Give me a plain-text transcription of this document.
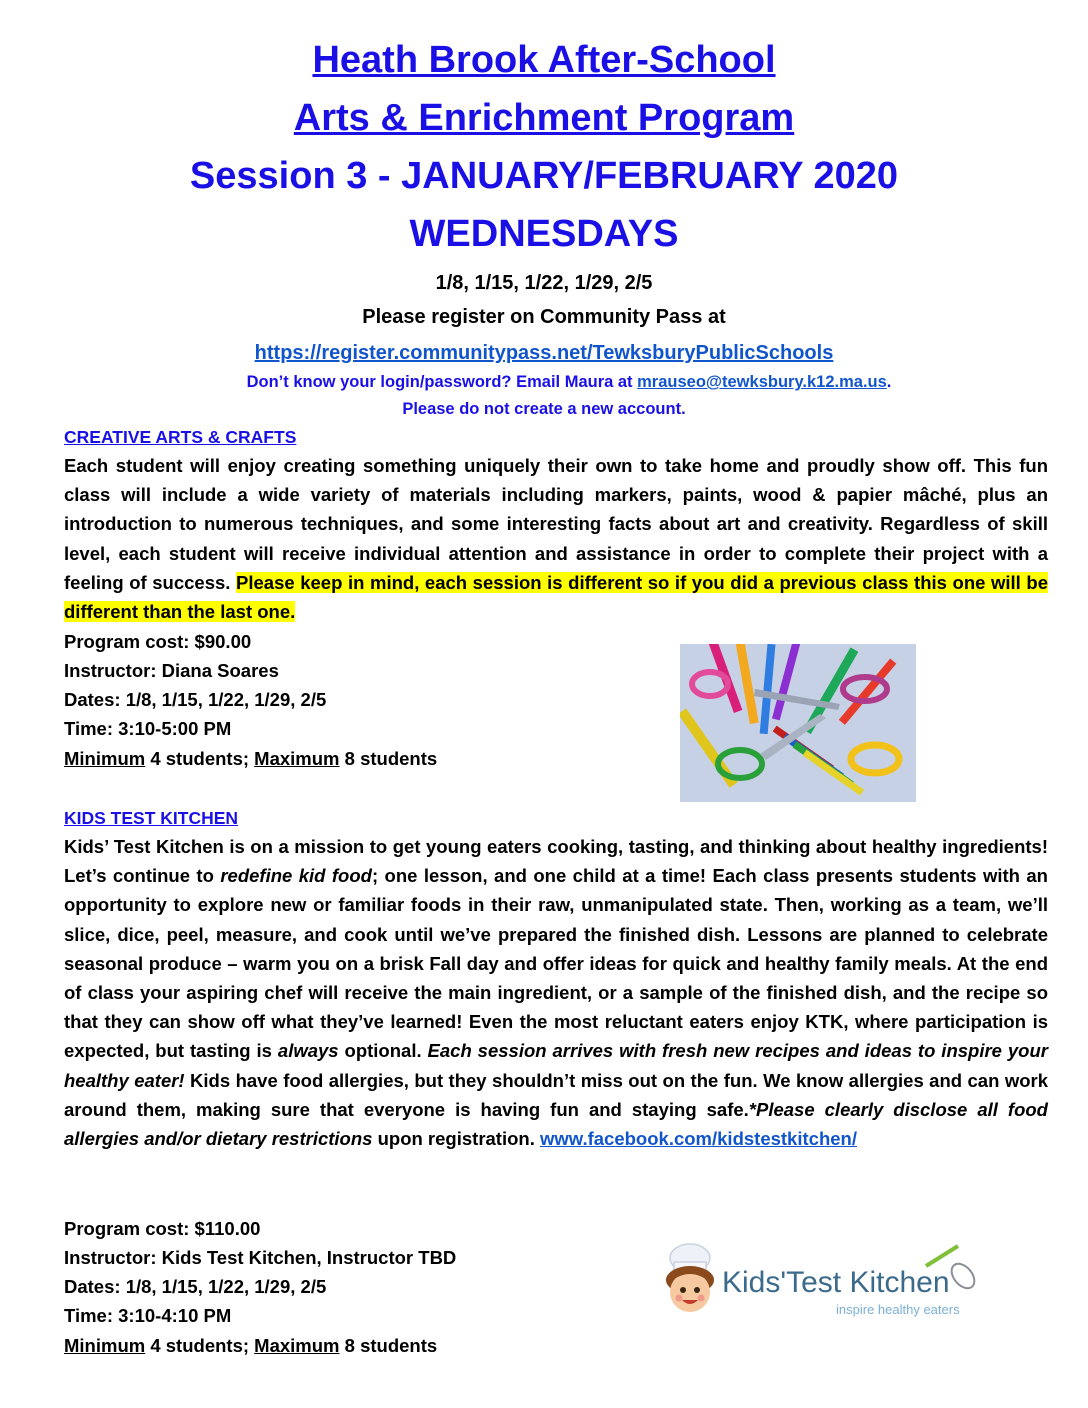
Heath Brook After-School
Arts & Enrichment Program
Session 3 - JANUARY/FEBRUARY 2020
WEDNESDAYS
1/8, 1/15, 1/22, 1/29, 2/5
Please register on Community Pass at
https://register.communitypass.net/TewksburyPublicSchools
Don’t know your login/password? Email Maura at mrauseo@tewksbury.k12.ma.us.
Please do not create a new account.
CREATIVE ARTS & CRAFTS
Each student will enjoy creating something uniquely their own to take home and proudly show off. This fun class will include a wide variety of materials including markers, paints, wood & papier mâché, plus an introduction to numerous techniques, and some interesting facts about art and creativity. Regardless of skill level, each student will receive individual attention and assistance in order to complete their project with a feeling of success. Please keep in mind, each session is different so if you did a previous class this one will be different than the last one.
Program cost: $90.00
Instructor: Diana Soares
Dates: 1/8, 1/15, 1/22, 1/29, 2/5
Time: 3:10-5:00 PM
Minimum 4 students; Maximum 8 students
KIDS TEST KITCHEN
Kids’ Test Kitchen is on a mission to get young eaters cooking, tasting, and thinking about healthy ingredients! Let’s continue to redefine kid food; one lesson, and one child at a time! Each class presents students with an opportunity to explore new or familiar foods in their raw, unmanipulated state. Then, working as a team, we’ll slice, dice, peel, measure, and cook until we’ve prepared the finished dish. Lessons are planned to celebrate seasonal produce – warm you on a brisk Fall day and offer ideas for quick and healthy family meals. At the end of class your aspiring chef will receive the main ingredient, or a sample of the finished dish, and the recipe so that they can show off what they’ve learned! Even the most reluctant eaters enjoy KTK, where participation is expected, but tasting is always optional. Each session arrives with fresh new recipes and ideas to inspire your healthy eater! Kids have food allergies, but they shouldn’t miss out on the fun. We know allergies and can work around them, making sure that everyone is having fun and staying safe.*Please clearly disclose all food allergies and/or dietary restrictions upon registration. www.facebook.com/kidstestkitchen/
Program cost: $110.00
Instructor: Kids Test Kitchen, Instructor TBD
Dates: 1/8, 1/15, 1/22, 1/29, 2/5
Time: 3:10-4:10 PM
Minimum 4 students; Maximum 8 students
Kids'Test Kitchen
inspire healthy eaters
